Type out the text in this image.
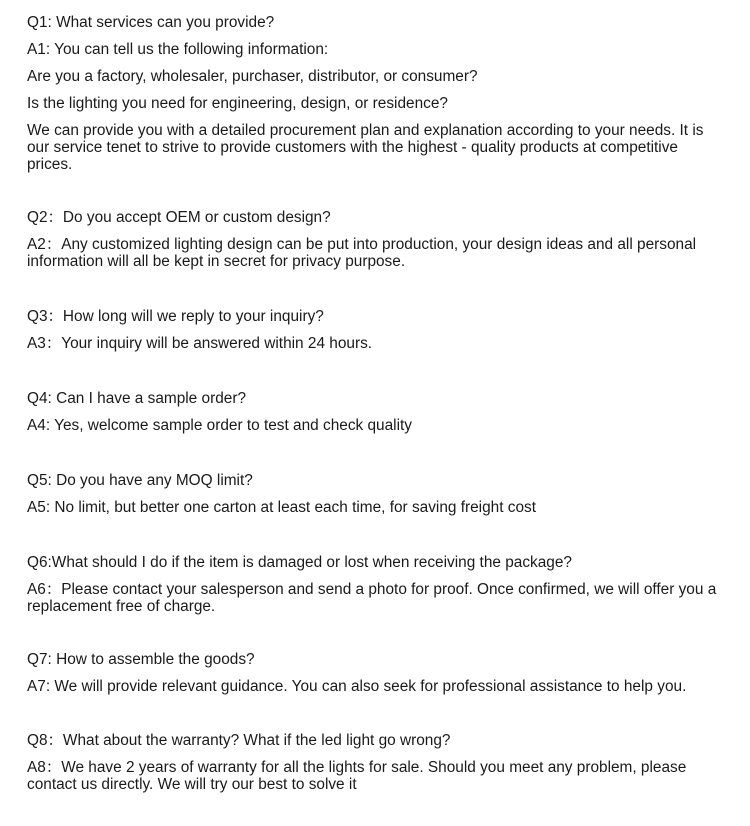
Q1: What services can you provide?

A1: You can tell us the following information:

Are you a factory, wholesaler, purchaser, distributor, or consumer?

Is the lighting you need for engineering, design, or residence?

We can provide you with a detailed procurement plan and explanation according to your needs. It is our service tenet to strive to provide customers with the highest - quality products at competitive prices.

Q2：Do you accept OEM or custom design?

A2：Any customized lighting design can be put into production, your design ideas and all personal information will all be kept in secret for privacy purpose.

Q3：How long will we reply to your inquiry?

A3：Your inquiry will be answered within 24 hours.

Q4: Can I have a sample order?

A4: Yes, welcome sample order to test and check quality

Q5: Do you have any MOQ limit?

A5: No limit, but better one carton at least each time, for saving freight cost

Q6:What should I do if the item is damaged or lost when receiving the package?

A6：Please contact your salesperson and send a photo for proof. Once confirmed, we will offer you a replacement free of charge.

Q7: How to assemble the goods?

A7: We will provide relevant guidance. You can also seek for professional assistance to help you.

Q8：What about the warranty? What if the led light go wrong?

A8：We have 2 years of warranty for all the lights for sale. Should you meet any problem, please contact us directly. We will try our best to solve it
